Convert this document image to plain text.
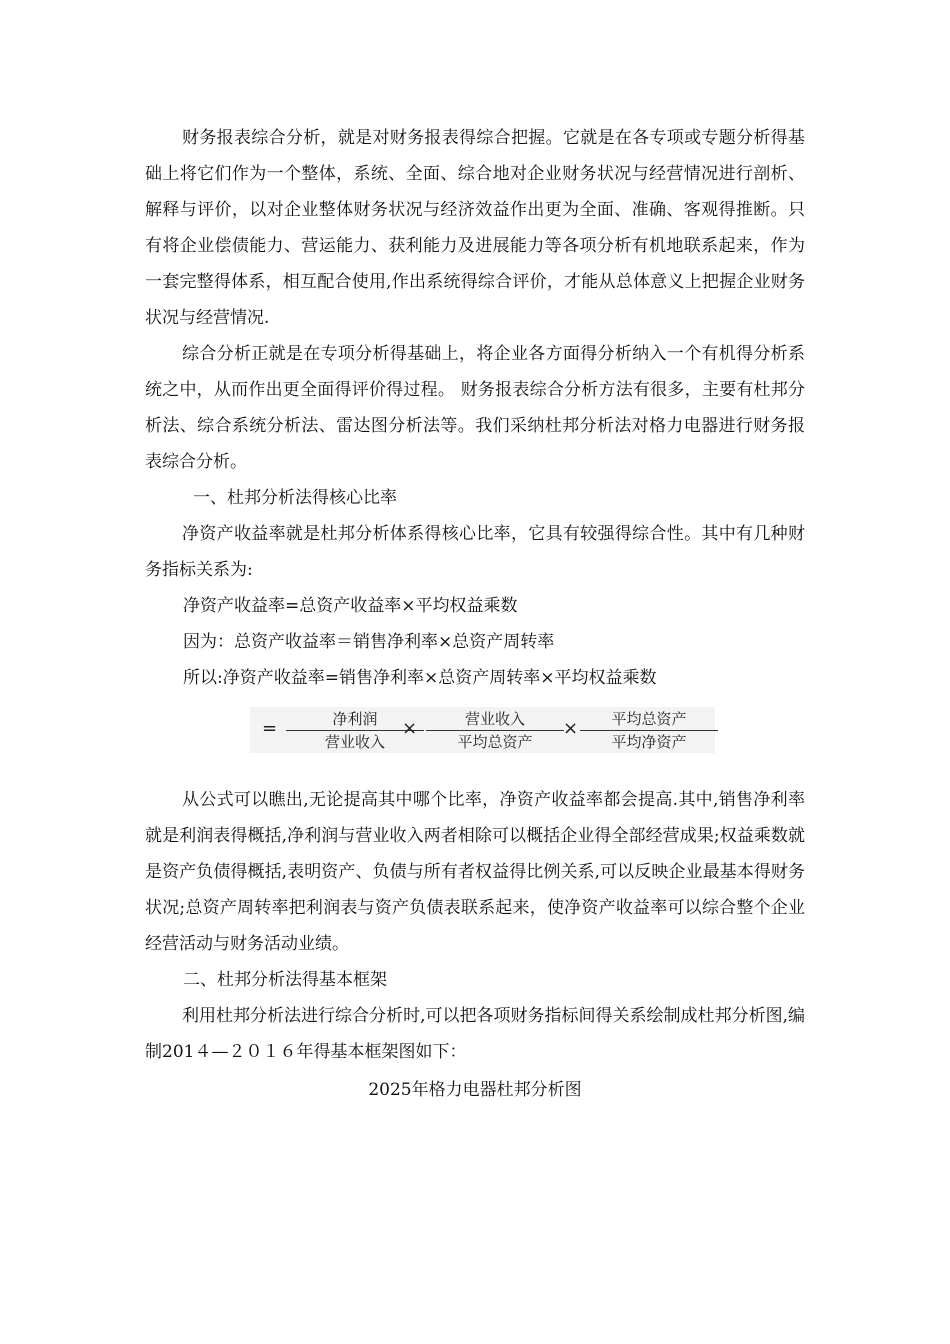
财务报表综合分析，就是对财务报表得综合把握。它就是在各专项或专题分析得基础上将它们作为一个整体，系统、全面、综合地对企业财务状况与经营情况进行剖析、解释与评价，以对企业整体财务状况与经济效益作出更为全面、准确、客观得推断。只有将企业偿债能力、营运能力、获利能力及进展能力等各项分析有机地联系起来，作为一套完整得体系，相互配合使用,作出系统得综合评价，才能从总体意义上把握企业财务状况与经营情况.

综合分析正就是在专项分析得基础上，将企业各方面得分析纳入一个有机得分析系统之中，从而作出更全面得评价得过程。 财务报表综合分析方法有很多，主要有杜邦分析法、综合系统分析法、雷达图分析法等。我们采纳杜邦分析法对格力电器进行财务报表综合分析。

一、杜邦分析法得核心比率

净资产收益率就是杜邦分析体系得核心比率，它具有较强得综合性。其中有几种财务指标关系为:

净资产收益率=总资产收益率×平均权益乘数
因为：总资产收益率＝销售净利率×总资产周转率
所以:净资产收益率=销售净利率×总资产周转率×平均权益乘数
=	净利润
营业收入
×	营业收入
平均总资产
×	平均总资产
平均净资产

从公式可以瞧出,无论提高其中哪个比率，净资产收益率都会提高.其中,销售净利率就是利润表得概括,净利润与营业收入两者相除可以概括企业得全部经营成果;权益乘数就是资产负债得概括,表明资产、负债与所有者权益得比例关系,可以反映企业最基本得财务状况;总资产周转率把利润表与资产负债表联系起来，使净资产收益率可以综合整个企业经营活动与财务活动业绩。

二、杜邦分析法得基本框架

利用杜邦分析法进行综合分析时,可以把各项财务指标间得关系绘制成杜邦分析图,编制201４—２０１６年得基本框架图如下：

2025年格力电器杜邦分析图
